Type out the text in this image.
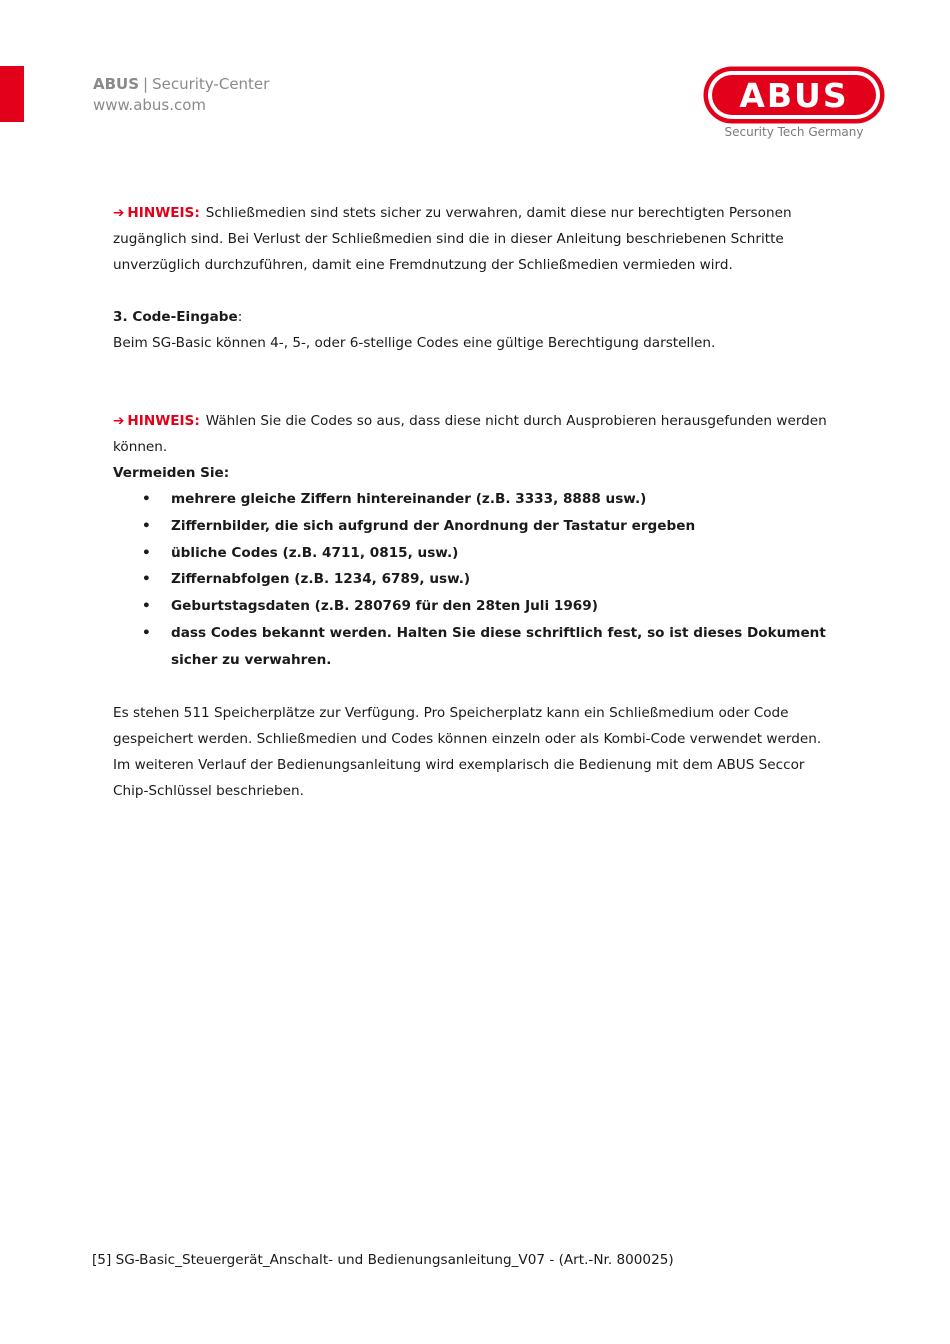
ABUS | Security-Center
www.abus.com	ABUS
Security Tech Germany

➔ HINWEIS: Schließmedien sind stets sicher zu verwahren, damit diese nur berechtigten Personen zugänglich sind. Bei Verlust der Schließmedien sind die in dieser Anleitung beschriebenen Schritte unverzüglich durchzuführen, damit eine Fremdnutzung der Schließmedien vermieden wird.

3. Code-Eingabe:

Beim SG-Basic können 4-, 5-, oder 6-stellige Codes eine gültige Berechtigung darstellen.

➔ HINWEIS: Wählen Sie die Codes so aus, dass diese nicht durch Ausprobieren herausgefunden werden können.

Vermeiden Sie:

• mehrere gleiche Ziffern hintereinander (z.B. 3333, 8888 usw.)
• Ziffernbilder, die sich aufgrund der Anordnung der Tastatur ergeben
• übliche Codes (z.B. 4711, 0815, usw.)
• Ziffernabfolgen (z.B. 1234, 6789, usw.)
• Geburtstagsdaten (z.B. 280769 für den 28ten Juli 1969)
• dass Codes bekannt werden. Halten Sie diese schriftlich fest, so ist dieses Dokument sicher zu verwahren.

Es stehen 511 Speicherplätze zur Verfügung. Pro Speicherplatz kann ein Schließmedium oder Code gespeichert werden. Schließmedien und Codes können einzeln oder als Kombi-Code verwendet werden.

Im weiteren Verlauf der Bedienungsanleitung wird exemplarisch die Bedienung mit dem ABUS Seccor Chip-Schlüssel beschrieben.

[5] SG-Basic_Steuergerät_Anschalt- und Bedienungsanleitung_V07 - (Art.-Nr. 800025)
